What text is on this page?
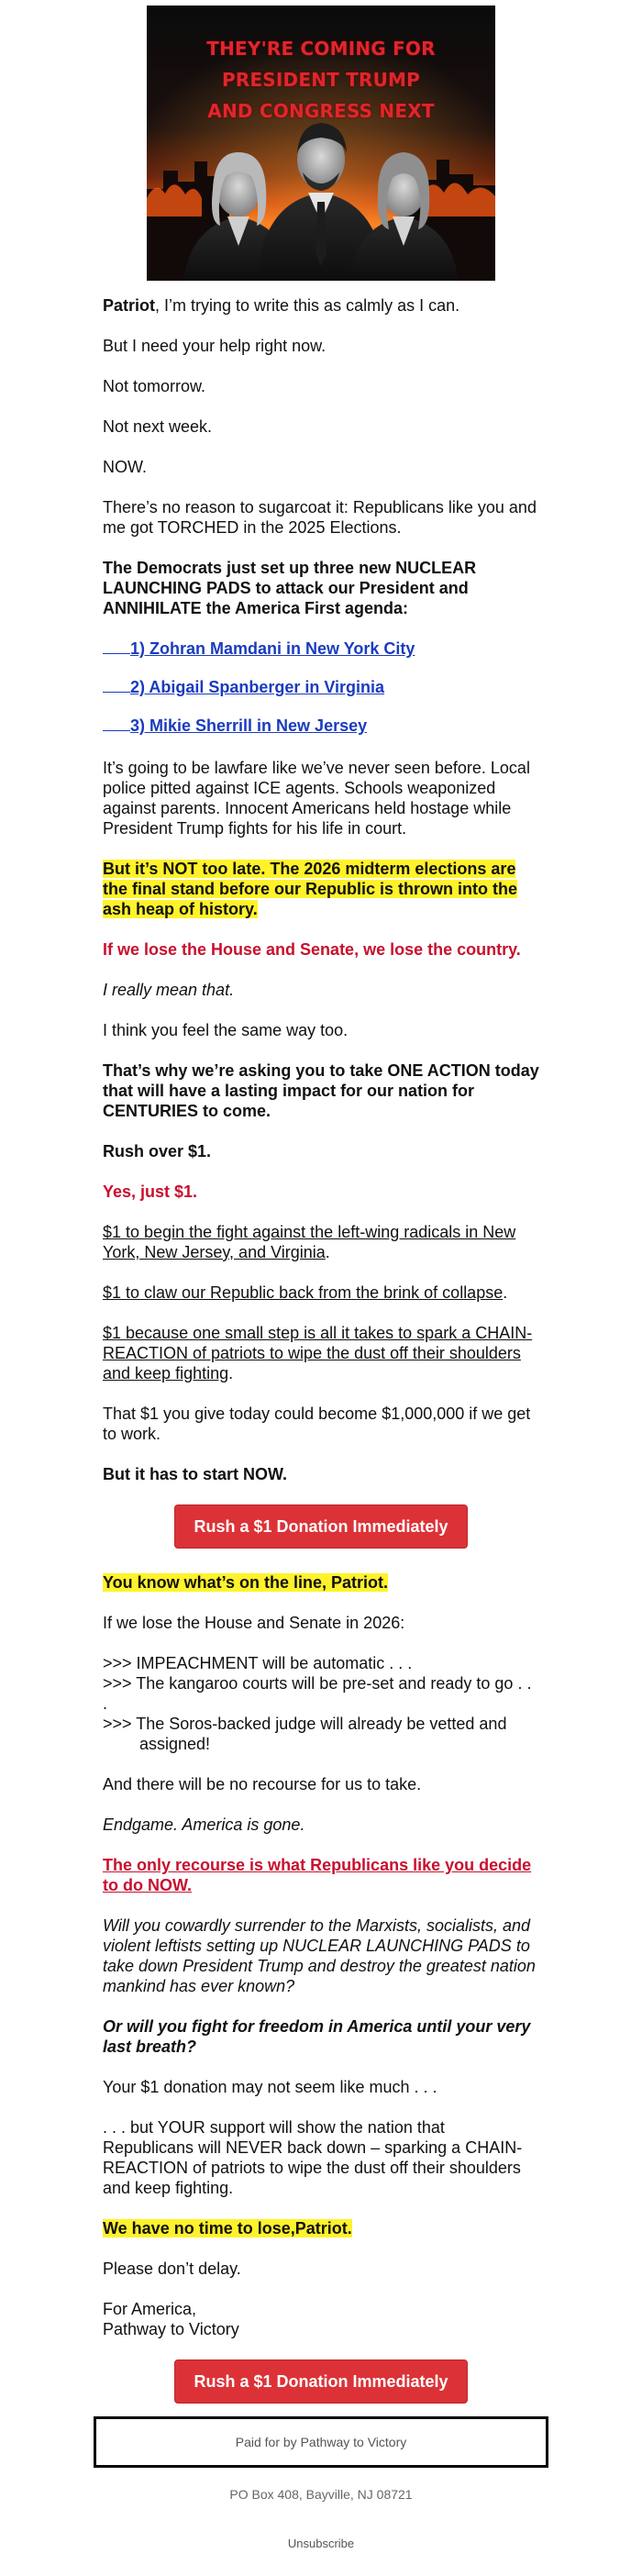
THEY'RE COMING FOR PRESIDENT TRUMP
AND CONGRESS NEXT

Patriot, I’m trying to write this as calmly as I can.

But I need your help right now.

Not tomorrow.

Not next week.

NOW.

There’s no reason to sugarcoat it: Republicans like you and me got TORCHED in the 2025 Elections.

The Democrats just set up three new NUCLEAR LAUNCHING PADS to attack our President and ANNIHILATE the America First agenda:

1) Zohran Mamdani in New York City
2) Abigail Spanberger in Virginia
3) Mikie Sherrill in New Jersey

It’s going to be lawfare like we’ve never seen before. Local police pitted against ICE agents. Schools weaponized against parents. Innocent Americans held hostage while President Trump fights for his life in court.

But it’s NOT too late. The 2026 midterm elections are the final stand before our Republic is thrown into the ash heap of history.

If we lose the House and Senate, we lose the country.

I really mean that.

I think you feel the same way too.

That’s why we’re asking you to take ONE ACTION today that will have a lasting impact for our nation for CENTURIES to come.

Rush over $1.

Yes, just $1.

$1 to begin the fight against the left-wing radicals in New York, New Jersey, and Virginia.

$1 to claw our Republic back from the brink of collapse.

$1 because one small step is all it takes to spark a CHAIN-REACTION of patriots to wipe the dust off their shoulders and keep fighting.

That $1 you give today could become $1,000,000 if we get to work.

But it has to start NOW.

Rush a $1 Donation Immediately

You know what’s on the line, Patriot.

If we lose the House and Senate in 2026:

>>> IMPEACHMENT will be automatic . . .
>>> The kangaroo courts will be pre-set and ready to go . . .
>>> The Soros-backed judge will already be vetted and
assigned!

And there will be no recourse for us to take.

Endgame. America is gone.

The only recourse is what Republicans like you decide to do NOW.

Will you cowardly surrender to the Marxists, socialists, and violent leftists setting up NUCLEAR LAUNCHING PADS to take down President Trump and destroy the greatest nation mankind has ever known?

Or will you fight for freedom in America until your very last breath?

Your $1 donation may not seem like much . . .

. . . but YOUR support will show the nation that Republicans will NEVER back down – sparking a CHAIN-REACTION of patriots to wipe the dust off their shoulders and keep fighting.

We have no time to lose,Patriot.

Please don’t delay.

For America,
Pathway to Victory

Rush a $1 Donation Immediately
Paid for by Pathway to Victory
PO Box 408, Bayville, NJ 08721
Unsubscribe
